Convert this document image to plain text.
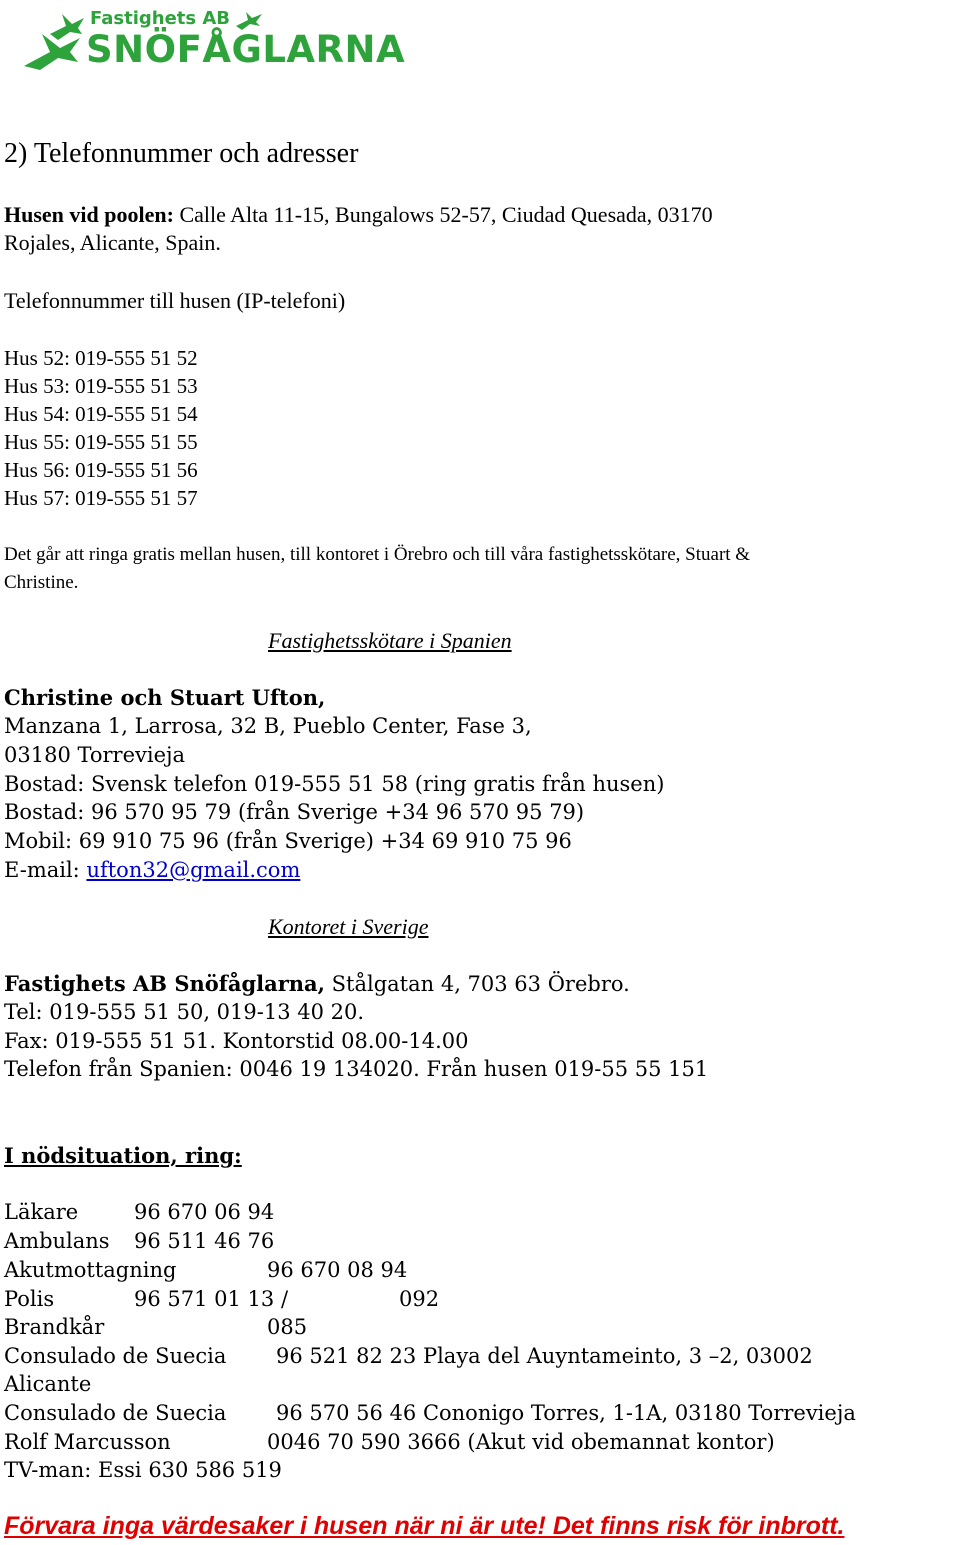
Fastighets AB
SNÖFÅGLARNA
2) Telefonnummer och adresser
Husen vid poolen: Calle Alta 11-15, Bungalows 52-57, Ciudad Quesada, 03170
Rojales, Alicante, Spain.
Telefonnummer till husen (IP-telefoni)
Hus 52: 019-555 51 52
Hus 53: 019-555 51 53
Hus 54: 019-555 51 54
Hus 55: 019-555 51 55
Hus 56: 019-555 51 56
Hus 57: 019-555 51 57
Det går att ringa gratis mellan husen, till kontoret i Örebro och till våra fastighetsskötare, Stuart &
Christine.
Fastighetsskötare i Spanien
Christine och Stuart Ufton,
Manzana 1, Larrosa, 32 B, Pueblo Center, Fase 3,
03180 Torrevieja
Bostad: Svensk telefon 019-555 51 58 (ring gratis från husen)
Bostad: 96 570 95 79 (från Sverige +34 96 570 95 79)
Mobil: 69 910 75 96 (från Sverige) +34 69 910 75 96
E-mail: ufton32@gmail.com
Kontoret i Sverige
Fastighets AB Snöfåglarna, Stålgatan 4, 703 63 Örebro.
Tel: 019-555 51 50, 019-13 40 20.
Fax: 019-555 51 51. Kontorstid 08.00-14.00
Telefon från Spanien: 0046 19 134020. Från husen 019-55 55 151
I nödsituation, ring:
Läkare	96 670 06 94
Ambulans 96 511 46 76
Akutmottagning	96 670 08 94
Polis	96 571 01 13 /	092
Brandkår	085
Consulado de Suecia 96 521 82 23 Playa del Auyntameinto, 3 –2, 03002
Alicante
Consulado de Suecia 96 570 56 46 Cononigo Torres, 1-1A, 03180 Torrevieja
Rolf Marcusson	0046 70 590 3666 (Akut vid obemannat kontor)
TV-man: Essi 630 586 519
Förvara inga värdesaker i husen när ni är ute! Det finns risk för inbrott.
